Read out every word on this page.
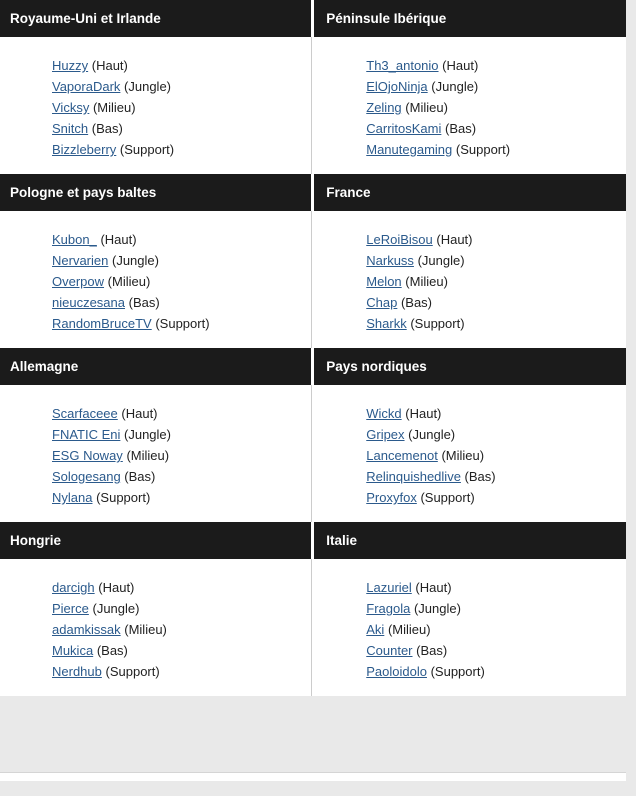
Royaume-Uni et Irlande		Péninsule Ibérique

Huzzy (Haut)
VaporaDark (Jungle)
Vicksy (Milieu)
Snitch (Bas)
Bizzleberry (Support)

Th3_antonio (Haut)
ElOjoNinja (Jungle)
Zeling (Milieu)
CarritosKami (Bas)
Manutegaming (Support)

Pologne et pays baltes		France

Kubon_ (Haut)
Nervarien (Jungle)
Overpow (Milieu)
nieuczesana (Bas)
RandomBruceTV (Support)

LeRoiBisou (Haut)
Narkuss (Jungle)
Melon (Milieu)
Chap (Bas)
Sharkk (Support)

Allemagne		Pays nordiques

Scarfaceee (Haut)
FNATIC Eni (Jungle)
ESG Noway (Milieu)
Sologesang (Bas)
Nylana (Support)

Wickd (Haut)
Gripex (Jungle)
Lancemenot (Milieu)
Relinquishedlive (Bas)
Proxyfox (Support)

Hongrie		Italie

darcigh (Haut)
Pierce (Jungle)
adamkissak (Milieu)
Mukica (Bas)
Nerdhub (Support)

Lazuriel (Haut)
Fragola (Jungle)
Aki (Milieu)
Counter (Bas)
Paoloidolo (Support)
